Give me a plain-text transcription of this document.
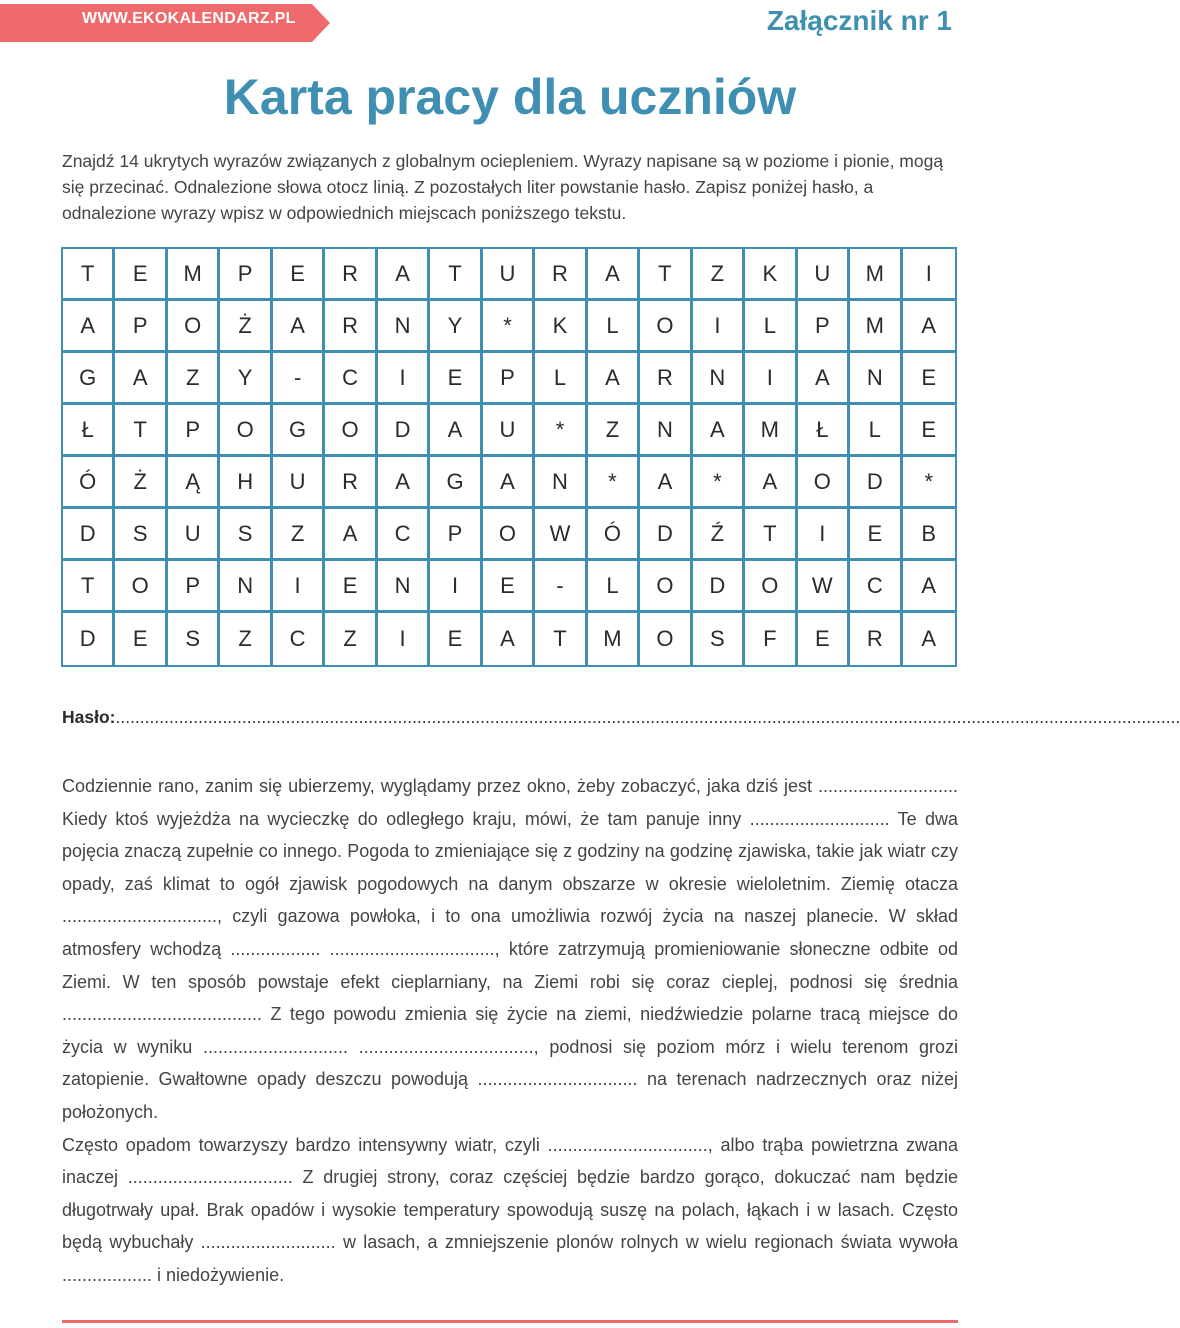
WWW.EKOKALENDARZ.PL	Załącznik nr 1
Karta pracy dla uczniów
Znajdź 14 ukrytych wyrazów związanych z globalnym ociepleniem. Wyrazy napisane są w poziome i pionie, mogą się przecinać. Odnalezione słowa otocz linią. Z pozostałych liter powstanie hasło. Zapisz poniżej hasło, a odnalezione wyrazy wpisz w odpowiednich miejscach poniższego tekstu.
T	E	M	P	E	R	A	T	U	R	A	T	Z	K	U	M	I
A	P	O	Ż	A	R	N	Y	*	K	L	O	I	L	P	M	A
G	A	Z	Y	-	C	I	E	P	L	A	R	N	I	A	N	E
Ł	T	P	O	G	O	D	A	U	*	Z	N	A	M	Ł	L	E
Ó	Ż	Ą	H	U	R	A	G	A	N	*	A	*	A	O	D	*
D	S	U	S	Z	A	C	P	O	W	Ó	D	Ź	T	I	E	B
T	O	P	N	I	E	N	I	E	-	L	O	D	O	W	C	A
D	E	S	Z	C	Z	I	E	A	T	M	O	S	F	E	R	A
Hasło:...........................................................................................................................................................................................................................

Codziennie rano, zanim się ubierzemy, wyglądamy przez okno, żeby zobaczyć, jaka dziś jest ............................ Kiedy ktoś wyjeżdża na wycieczkę do odległego kraju, mówi, że tam panuje inny ............................ Te dwa pojęcia znaczą zupełnie co innego. Pogoda to zmieniające się z godziny na godzinę zjawiska, takie jak wiatr czy opady, zaś klimat to ogół zjawisk pogodowych na danym obszarze w okresie wieloletnim. Ziemię otacza ..............................., czyli gazowa powłoka, i to ona umożliwia rozwój życia na naszej planecie. W skład atmosfery wchodzą .................. ................................., które zatrzymują promieniowanie słoneczne odbite od Ziemi. W ten sposób powstaje efekt cieplarniany, na Ziemi robi się coraz cieplej, podnosi się średnia ........................................ Z tego powodu zmienia się życie na ziemi, niedźwiedzie polarne tracą miejsce do życia w wyniku ............................. ..................................., podnosi się poziom mórz i wielu terenom grozi zatopienie. Gwałtowne opady deszczu powodują ................................ na terenach nadrzecznych oraz niżej położonych.

Często opadom towarzyszy bardzo intensywny wiatr, czyli ................................, albo trąba powietrzna zwana inaczej ................................. Z drugiej strony, coraz częściej będzie bardzo gorąco, dokuczać nam będzie długotrwały upał. Brak opadów i wysokie temperatury spowodują suszę na polach, łąkach i w lasach. Często będą wybuchały ........................... w lasach, a zmniejszenie plonów rolnych w wielu regionach świata wywoła .................. i niedożywienie.
